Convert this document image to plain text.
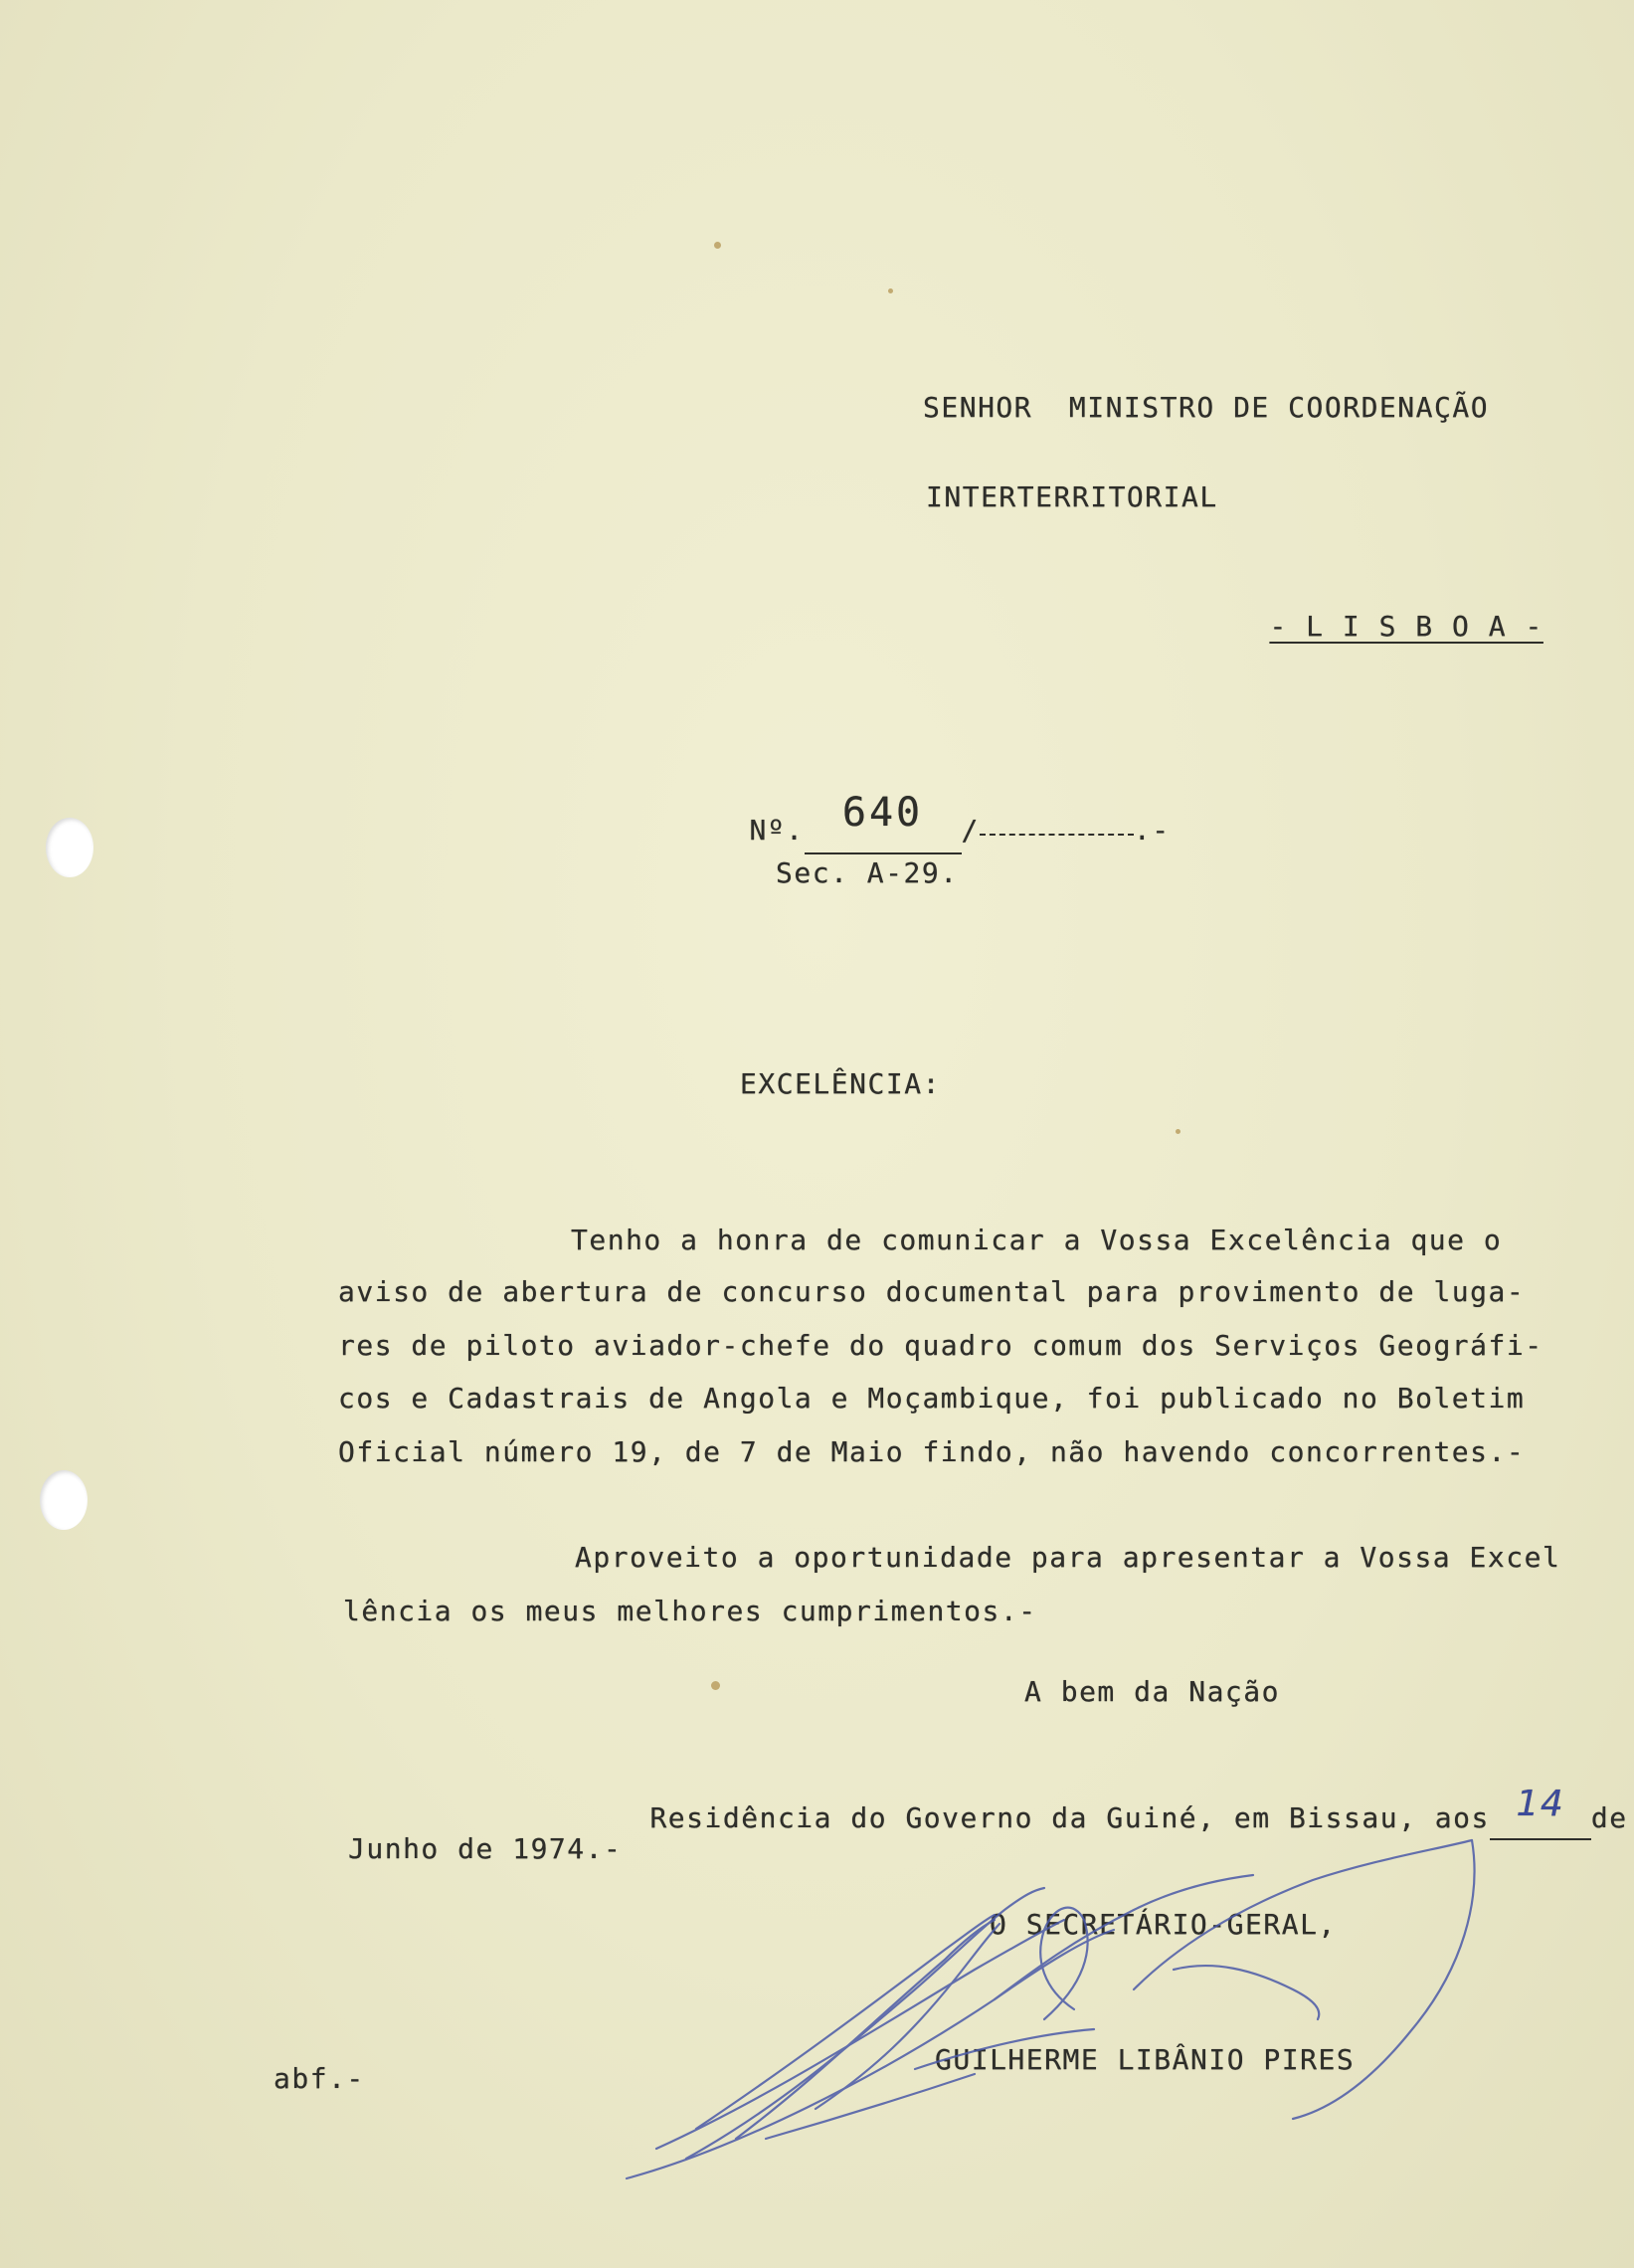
SENHOR  MINISTRO DE COORDENAÇÃO
INTERTERRITORIAL

- L I S B O A -

Nº. 640 /	.-

Sec. A-29.
EXCELÊNCIA:
Tenho a honra de comunicar a Vossa Excelência que o
aviso de abertura de concurso documental para provimento de luga-
res de piloto aviador-chefe do quadro comum dos Serviços Geográfi-
cos e Cadastrais de Angola e Moçambique, foi publicado no Boletim
Oficial número 19, de 7 de Maio findo, não havendo concorrentes.-
Aproveito a oportunidade para apresentar a Vossa Excel
lência os meus melhores cumprimentos.-
A bem da Nação

Residência do Governo da Guiné, em Bissau, aos 14 de

Junho de 1974.-
O SECRETÁRIO-GERAL,
GUILHERME LIBÂNIO PIRES
abf.-
